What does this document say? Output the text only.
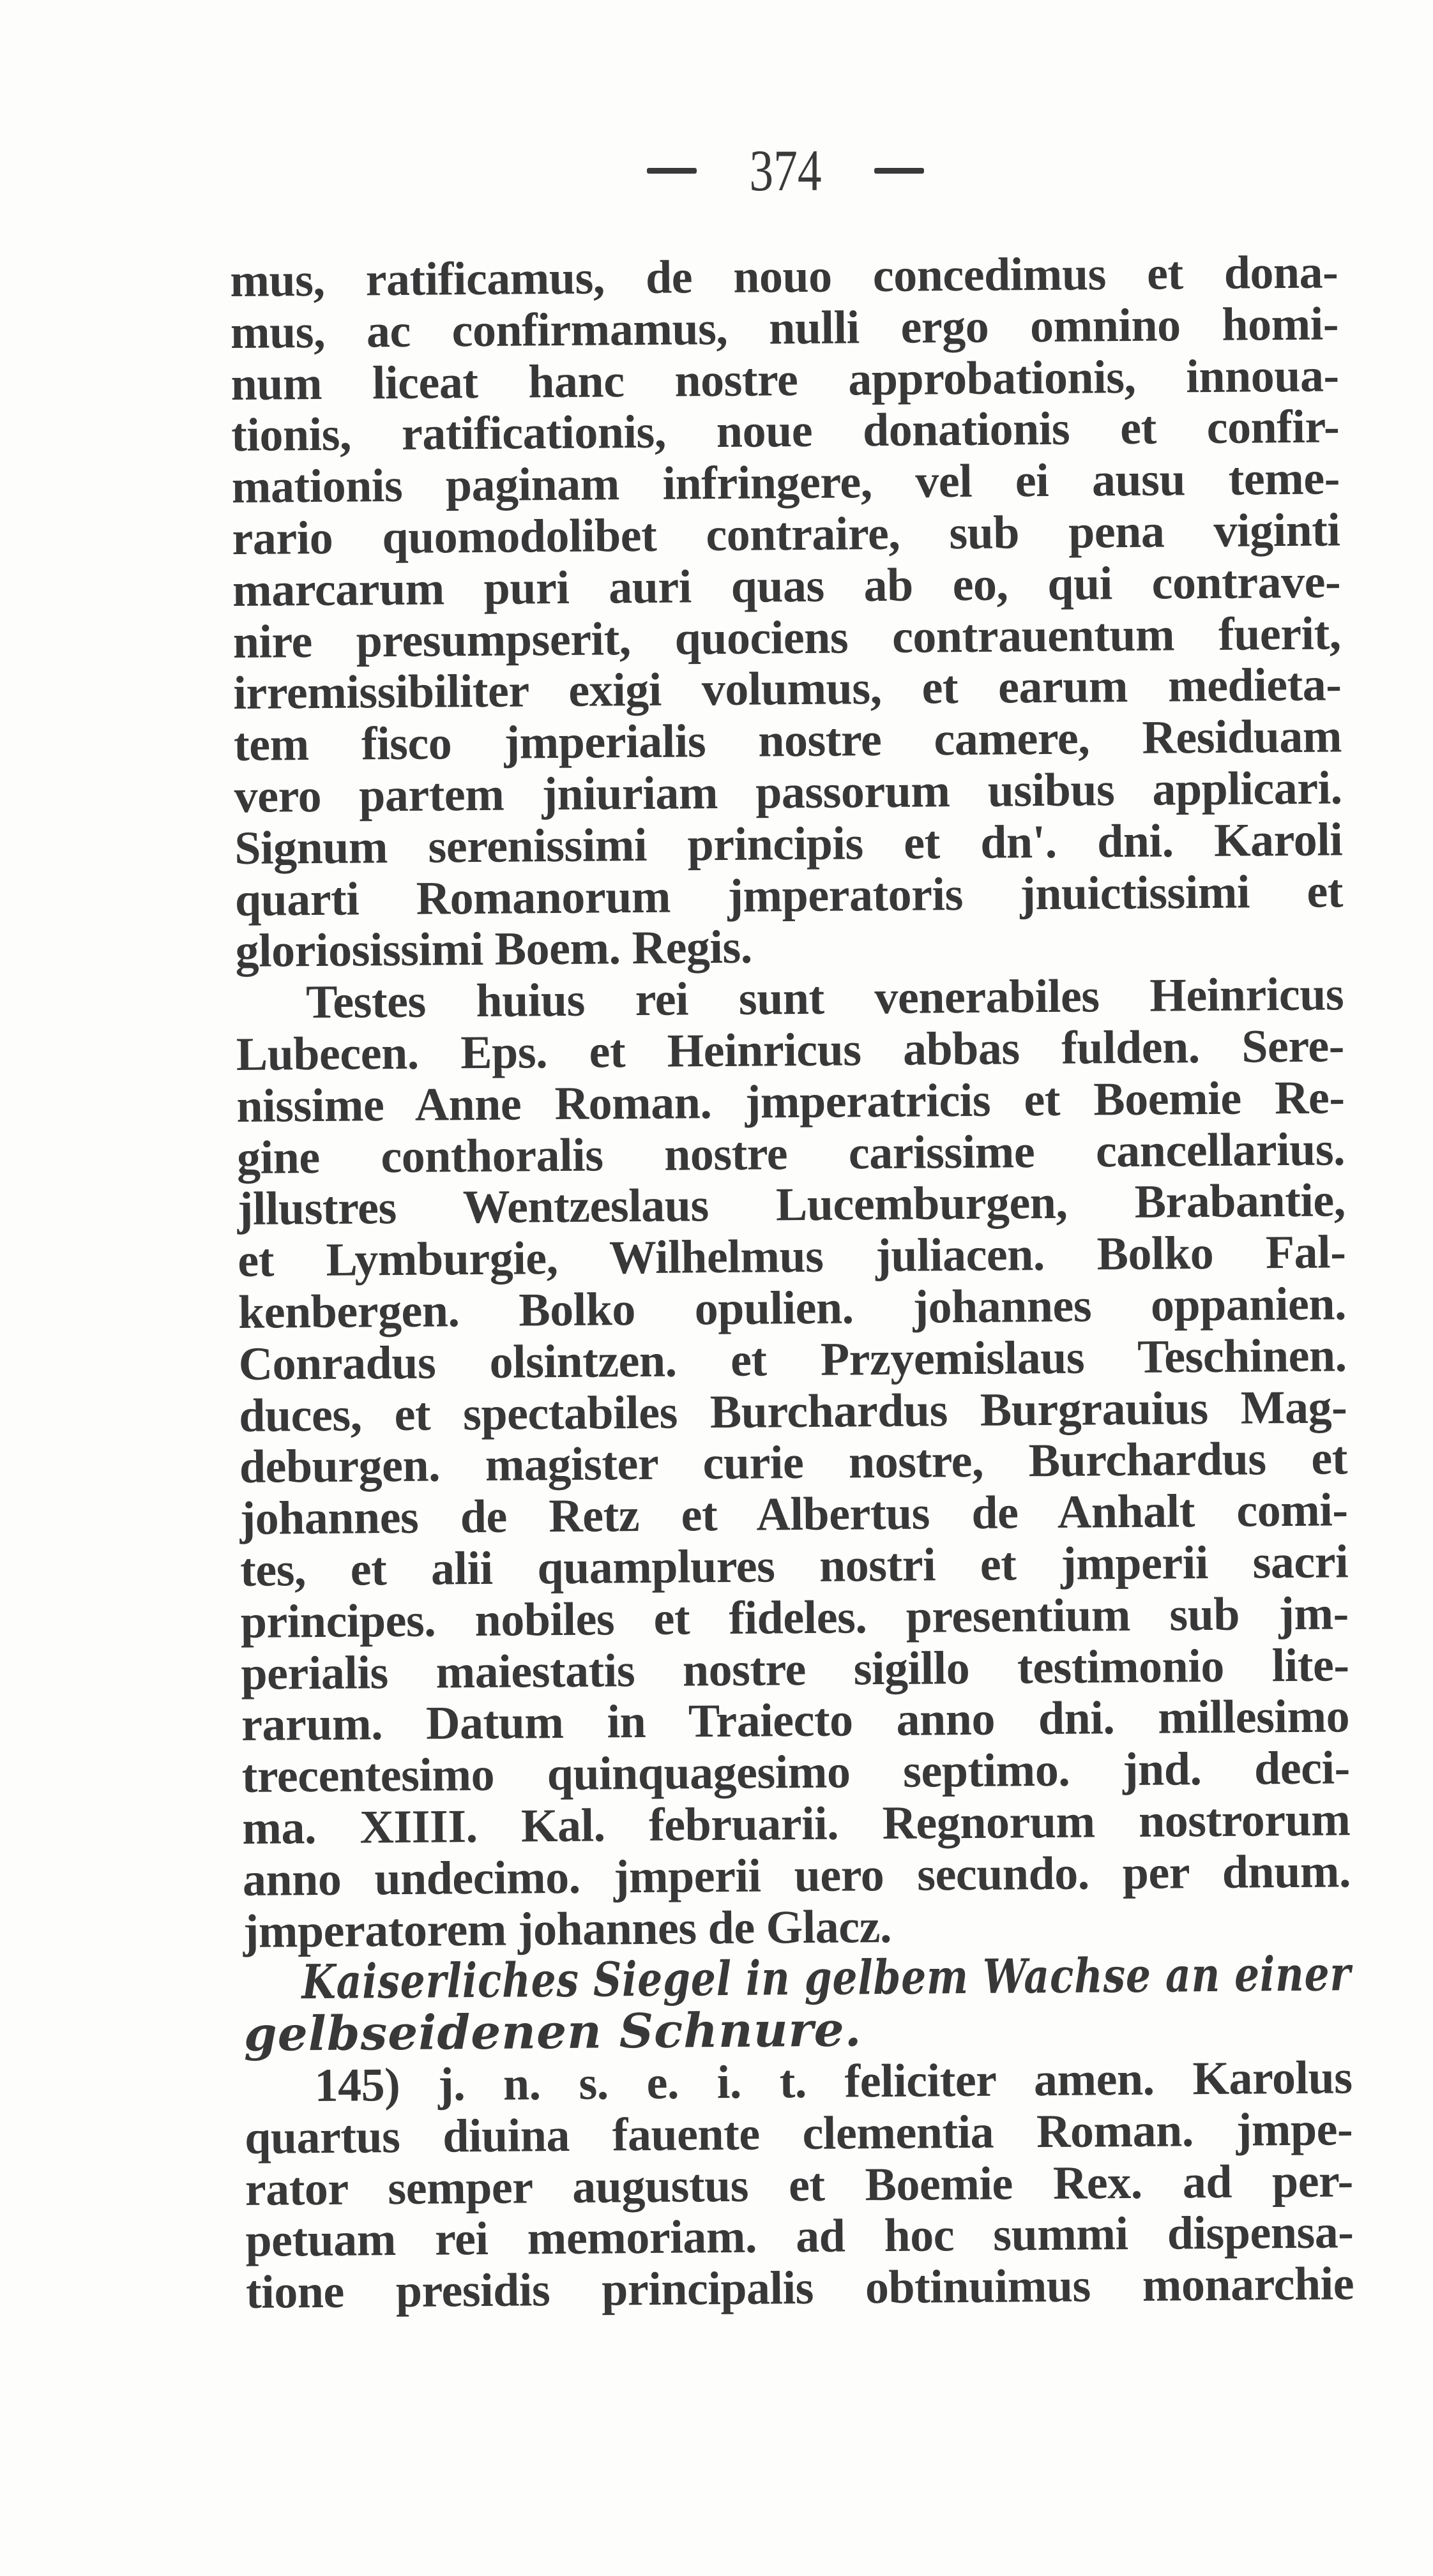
374
mus, ratificamus, de nouo concedimus et dona-
mus, ac confirmamus, nulli ergo omnino homi-
num liceat hanc nostre approbationis, innoua-
tionis, ratificationis, noue donationis et confir-
mationis paginam infringere, vel ei ausu teme-
rario quomodolibet contraire, sub pena viginti
marcarum puri auri quas ab eo, qui contrave-
nire presumpserit, quociens contrauentum fuerit,
irremissibiliter exigi volumus, et earum medieta-
tem fisco jmperialis nostre camere, Residuam
vero partem jniuriam passorum usibus applicari.
Signum serenissimi principis et dn'. dni. Karoli
quarti Romanorum jmperatoris jnuictissimi et
gloriosissimi Boem. Regis.
Testes huius rei sunt venerabiles Heinricus
Lubecen. Eps. et Heinricus abbas fulden. Sere-
nissime Anne Roman. jmperatricis et Boemie Re-
gine conthoralis nostre carissime cancellarius.
jllustres Wentzeslaus Lucemburgen, Brabantie,
et Lymburgie, Wilhelmus juliacen. Bolko Fal-
kenbergen. Bolko opulien. johannes oppanien.
Conradus olsintzen. et Przyemislaus Teschinen.
duces, et spectabiles Burchardus Burgrauius Mag-
deburgen. magister curie nostre, Burchardus et
johannes de Retz et Albertus de Anhalt comi-
tes, et alii quamplures nostri et jmperii sacri
principes. nobiles et fideles. presentium sub jm-
perialis maiestatis nostre sigillo testimonio lite-
rarum. Datum in Traiecto anno dni. millesimo
trecentesimo quinquagesimo septimo. jnd. deci-
ma. XIIII. Kal. februarii. Regnorum nostrorum
anno undecimo. jmperii uero secundo. per dnum.
jmperatorem johannes de Glacz.
Kaiserliches Siegel in gelbem Wachse an einer
gelbseidenen Schnure.
145) j. n. s. e. i. t. feliciter amen. Karolus
quartus diuina fauente clementia Roman. jmpe-
rator semper augustus et Boemie Rex. ad per-
petuam rei memoriam. ad hoc summi dispensa-
tione presidis principalis obtinuimus monarchie
